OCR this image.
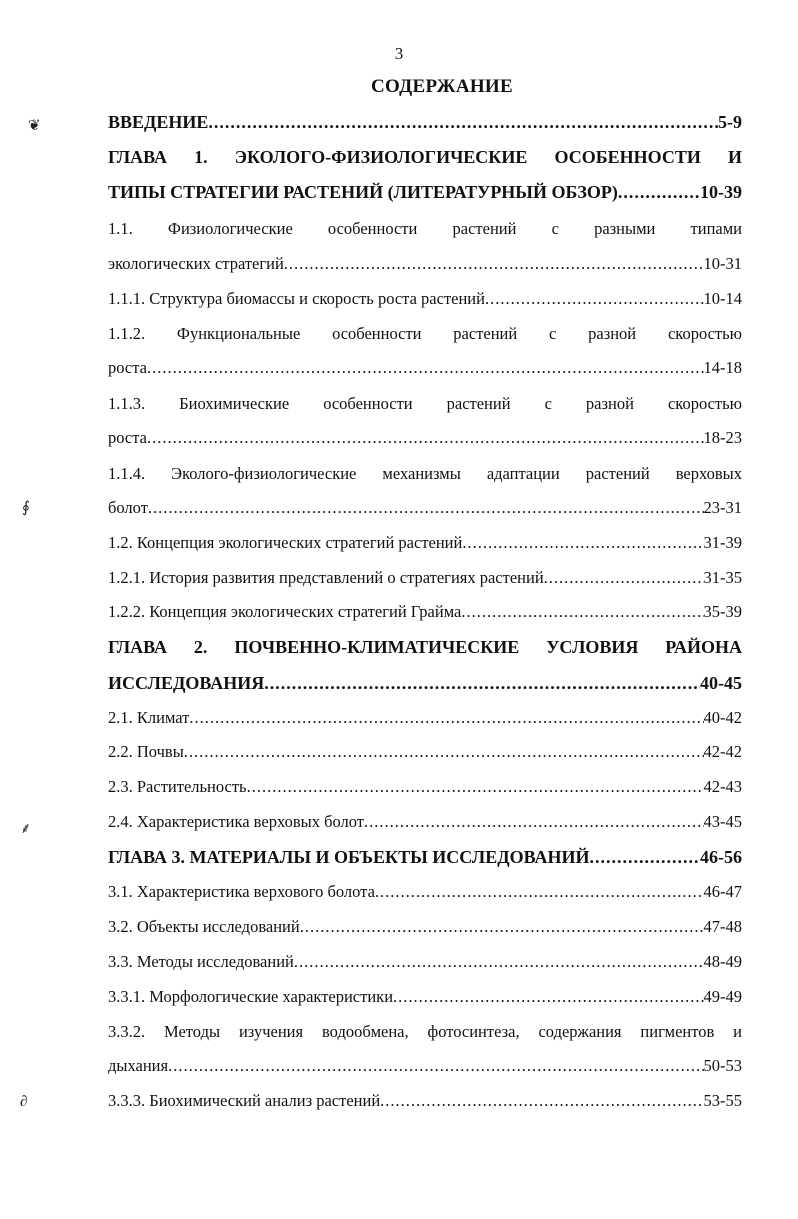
3
СОДЕРЖАНИЕ
ВВЕДЕНИЕ .....	5-9
ГЛАВА 1. ЭКОЛОГО-ФИЗИОЛОГИЧЕСКИЕ ОСОБЕННОСТИ И
ТИПЫ СТРАТЕГИИ РАСТЕНИЙ (ЛИТЕРАТУРНЫЙ ОБЗОР) .....	10-39
1.1. Физиологические особенности растений с разными типами
экологических стратегий .....	10-31
1.1.1. Структура биомассы и скорость роста растений .....	10-14
1.1.2. Функциональные особенности растений с разной скоростью
роста .....	14-18
1.1.3. Биохимические особенности растений с разной скоростью
роста .....	18-23
1.1.4. Эколого-физиологические механизмы адаптации растений верховых
болот .....	23-31
1.2. Концепция экологических стратегий растений .....	31-39
1.2.1. История развития представлений о стратегиях растений .....	31-35
1.2.2. Концепция экологических стратегий Грайма .....	35-39
ГЛАВА 2. ПОЧВЕННО-КЛИМАТИЧЕСКИЕ УСЛОВИЯ РАЙОНА
ИССЛЕДОВАНИЯ .....	40-45
2.1. Климат .....	40-42
2.2. Почвы .....	42-42
2.3. Растительность .....	42-43
2.4. Характеристика верховых болот .....	43-45
ГЛАВА 3. МАТЕРИАЛЫ И ОБЪЕКТЫ ИССЛЕДОВАНИЙ .....	46-56
3.1. Характеристика верхового болота .....	46-47
3.2. Объекты исследований .....	47-48
3.3. Методы исследований .....	48-49
3.3.1. Морфологические характеристики .....	49-49
3.3.2. Методы изучения водообмена, фотосинтеза, содержания пигментов и
дыхания .....	50-53
3.3.3. Биохимический анализ растений .....	53-55
❦
∮
⸙
∂
